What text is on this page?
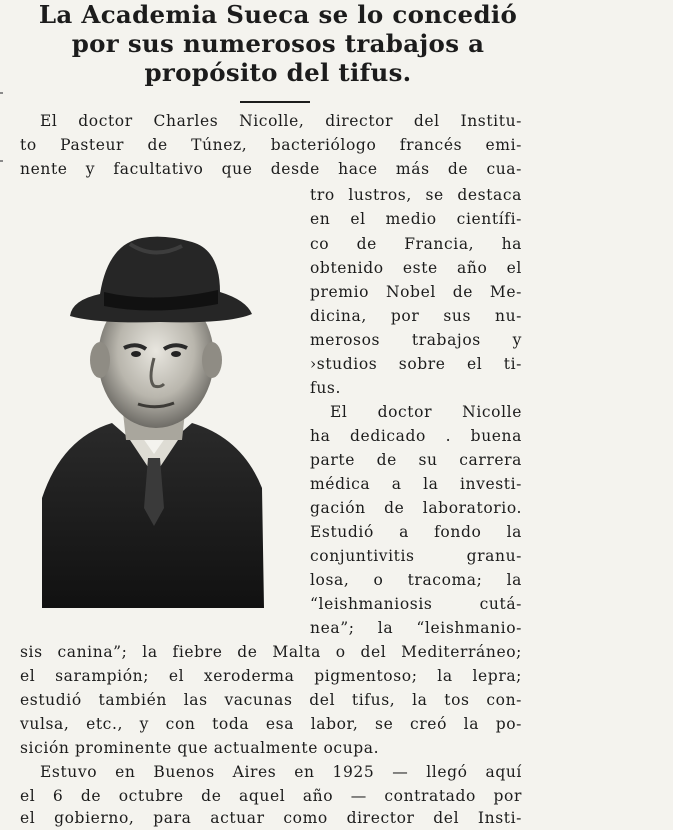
La Academia Sueca se lo concedió
por sus numerosos trabajos a
propósito del tifus.
El doctor Charles Nicolle, director del Institu-
to Pasteur de Túnez, bacteriólogo francés emi-
nente y facultativo que desde hace más de cua-
tro lustros, se destaca
en el medio científi-
co de Francia, ha
obtenido este año el
premio Nobel de Me-
dicina, por sus nu-
merosos trabajos y
›studios sobre el ti-
fus.
El doctor Nicolle
ha dedicado . buena
parte de su carrera
médica a la investi-
gación de laboratorio.
Estudió a fondo la
conjuntivitis granu-
losa, o tracoma; la
“leishmaniosis cutá-
nea”; la “leishmanio-
sis canina”; la fiebre de Malta o del Mediterráneo;
el sarampión; el xeroderma pigmentoso; la lepra;
estudió también las vacunas del tifus, la tos con-
vulsa, etc., y con toda esa labor, se creó la po-
sición prominente que actualmente ocupa.
Estuvo en Buenos Aires en 1925 — llegó aquí
el 6 de octubre de aquel año — contratado por
el gobierno, para actuar como director del Insti-
